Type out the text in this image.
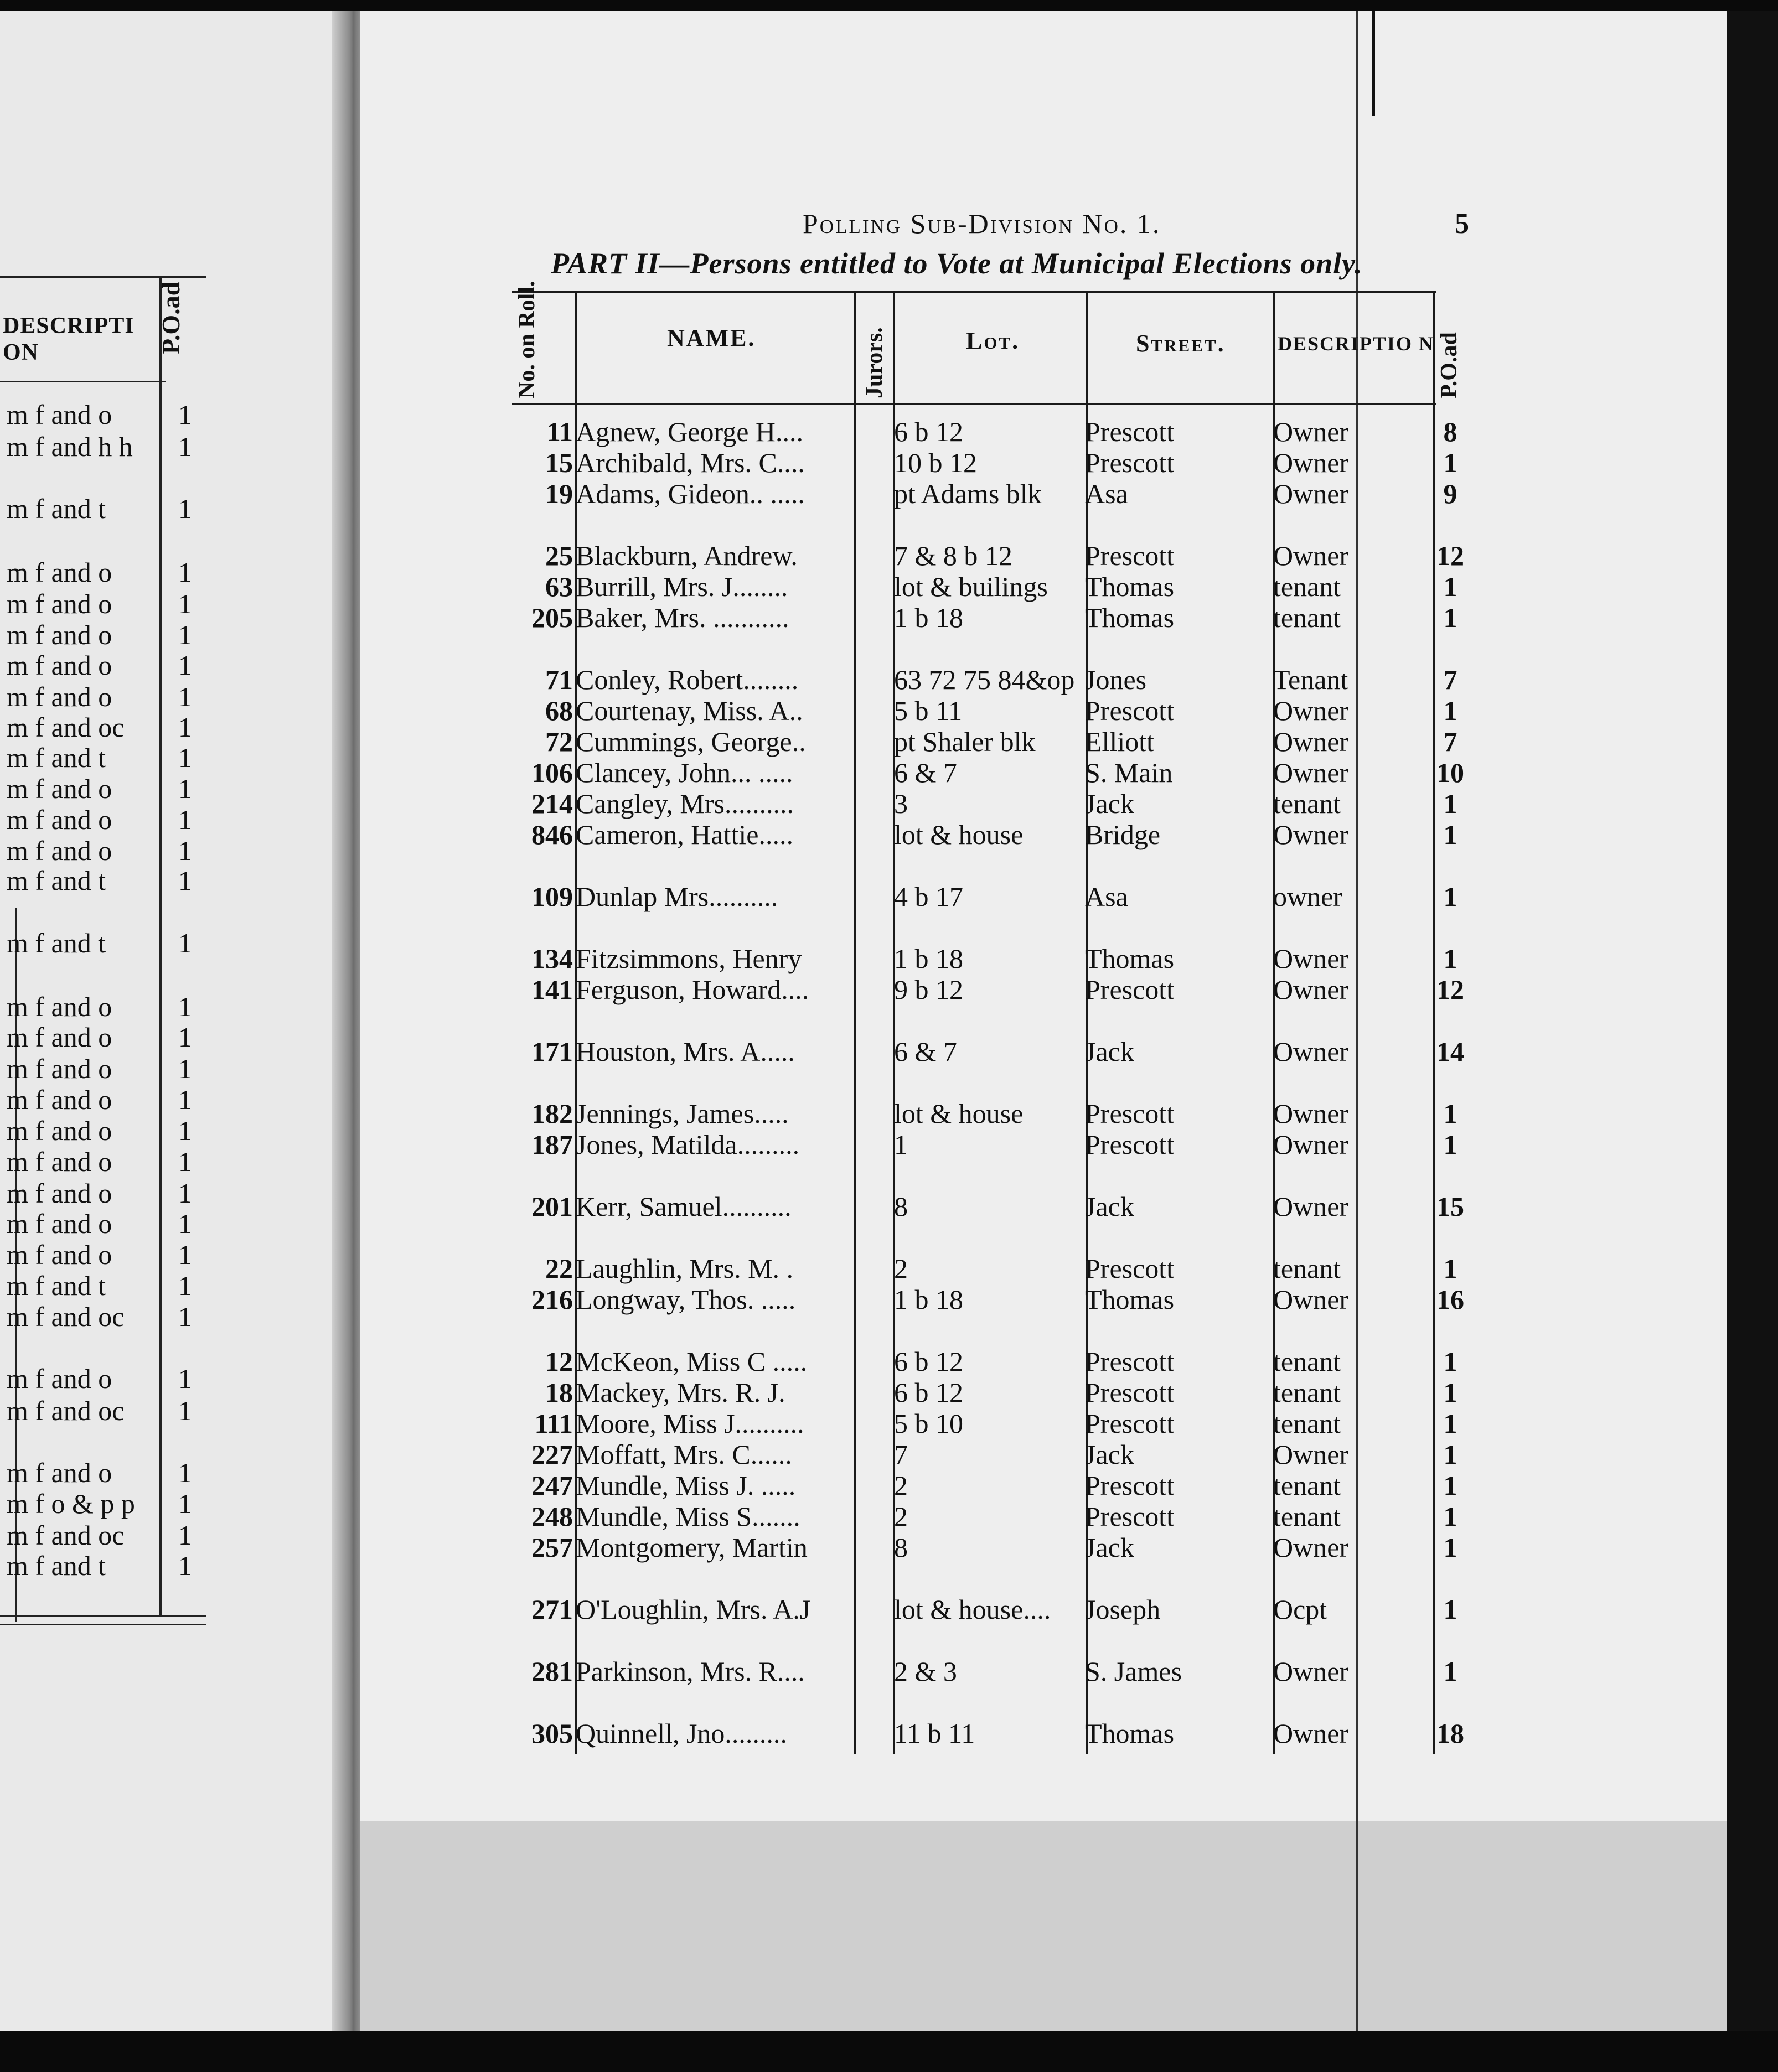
DESCRIPTI ON	P.O.ad
m f and o 1
m f and h h 1
m f and t	1
m f and o 1
m f and o 1
m f and o 1
m f and o 1
m f and o 1
m f and oc 1
m f and t	1
m f and o 1
m f and o 1
m f and o 1
m f and t	1
m f and t	1
m f and o 1
m f and o 1
m f and o 1
m f and o 1
m f and o 1
m f and o 1
m f and o 1
m f and o 1
m f and o 1
m f and t	1
m f and oc 1
m f and o 1
m f and oc 1
m f and o 1
m f o & p p 1
m f and oc 1
m f and t	1
Polling Sub-Division No. 1.	5
PART II—Persons entitled to Vote at Municipal Elections only.
No. on Roll.	NAME.	Jurors.	Lot.	Street.	DESCRIPTIO N P.O.ad
11 Agnew, George H....	6 b 12	Prescott	Owner	8
15 Archibald, Mrs. C....	10 b 12	Prescott	Owner	1
19 Adams, Gideon.. .....	pt Adams blk	Asa	Owner	9
25 Blackburn, Andrew.	7 & 8 b 12	Prescott	Owner	12
63 Burrill, Mrs. J........	lot & builings	Thomas	tenant	1
205 Baker, Mrs. ...........	1 b 18	Thomas	tenant	1
71 Conley, Robert........	63 72 75 84&op Jones	Tenant	7
68 Courtenay, Miss. A..	5 b 11	Prescott	Owner	1
72 Cummings, George..	pt Shaler blk	Elliott	Owner	7
106 Clancey, John... .....	6 & 7	S. Main	Owner	10
214 Cangley, Mrs..........	3	Jack	tenant	1
846 Cameron, Hattie.....	lot & house	Bridge	Owner	1
109 Dunlap Mrs..........	4 b 17	Asa	owner	1
134 Fitzsimmons, Henry	1 b 18	Thomas	Owner	1
141 Ferguson, Howard....	9 b 12	Prescott	Owner	12
171 Houston, Mrs. A.....	6 & 7	Jack	Owner	14
182 Jennings, James.....	lot & house	Prescott	Owner	1
187 Jones, Matilda.........	1	Prescott	Owner	1
201 Kerr, Samuel..........	8	Jack	Owner	15
22 Laughlin, Mrs. M. .	2	Prescott	tenant	1
216 Longway, Thos. .....	1 b 18	Thomas	Owner	16
12 McKeon, Miss C .....	6 b 12	Prescott	tenant	1
18 Mackey, Mrs. R. J.	6 b 12	Prescott	tenant	1
111 Moore, Miss J..........	5 b 10	Prescott	tenant	1
227 Moffatt, Mrs. C......	7	Jack	Owner	1
247 Mundle, Miss J. .....	2	Prescott	tenant	1
248 Mundle, Miss S.......	2	Prescott	tenant	1
257 Montgomery, Martin	8	Jack	Owner	1
271 O'Loughlin, Mrs. A.J	lot & house....	Joseph	Ocpt	1
281 Parkinson, Mrs. R....	2 & 3	S. James	Owner	1
305 Quinnell, Jno.........	11 b 11	Thomas	Owner	18
